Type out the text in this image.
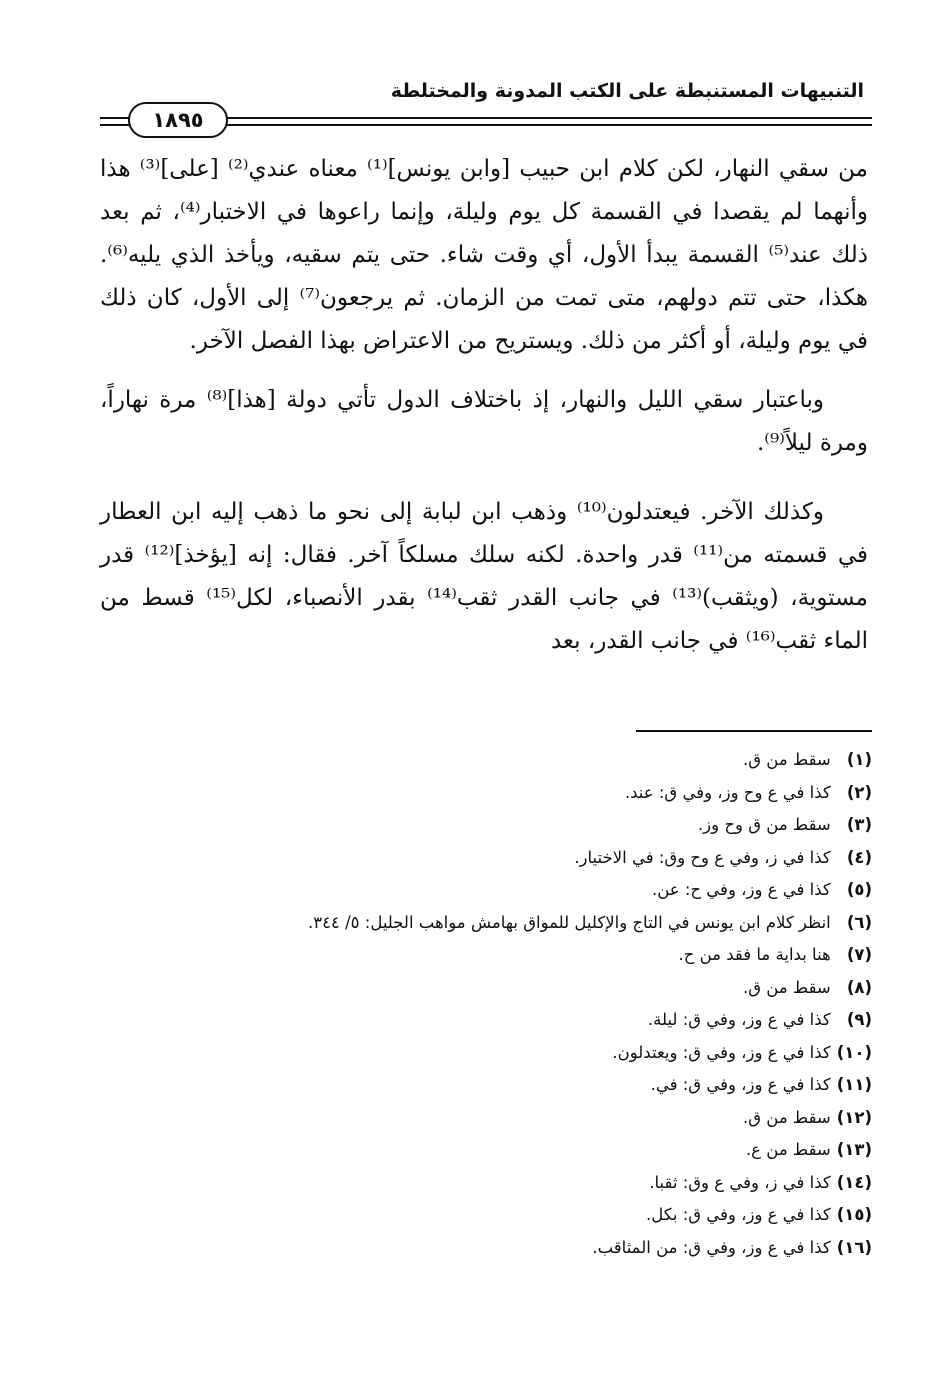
التنبيهات المستنبطة على الكتب المدونة والمختلطة
١٨٩٥

من سقي النهار، لكن كلام ابن حبيب [وابن يونس]⁽¹⁾ معناه عندي⁽²⁾ [على]⁽³⁾ هذا وأنهما لم يقصدا في القسمة كل يوم وليلة، وإنما راعوها في الاختبار⁽⁴⁾، ثم بعد ذلك عند⁽⁵⁾ القسمة يبدأ الأول، أي وقت شاء. حتى يتم سقيه، ويأخذ الذي يليه⁽⁶⁾. هكذا، حتى تتم دولهم، متى تمت من الزمان. ثم يرجعون⁽⁷⁾ إلى الأول، كان ذلك في يوم وليلة، أو أكثر من ذلك. ويستريح من الاعتراض بهذا الفصل الآخر.

وباعتبار سقي الليل والنهار، إذ باختلاف الدول تأتي دولة [هذا]⁽⁸⁾ مرة نهاراً، ومرة ليلاً⁽⁹⁾.

وكذلك الآخر. فيعتدلون⁽¹⁰⁾ وذهب ابن لبابة إلى نحو ما ذهب إليه ابن العطار في قسمته من⁽¹¹⁾ قدر واحدة. لكنه سلك مسلكاً آخر. فقال: إنه [يؤخذ]⁽¹²⁾ قدر مستوية، (ويثقب)⁽¹³⁾ في جانب القدر ثقب⁽¹⁴⁾ بقدر الأنصباء، لكل⁽¹⁵⁾ قسط من الماء ثقب⁽¹⁶⁾ في جانب القدر، بعد

(١) سقط من ق.
(٢) كذا في ع وح وز، وفي ق: عند.
(٣) سقط من ق وح وز.
(٤) كذا في ز، وفي ع وح وق: في الاختيار.
(٥) كذا في ع وز، وفي ح: عن.
(٦) انظر كلام ابن يونس في التاج والإكليل للمواق بهامش مواهب الجليل: ٥/ ٣٤٤.
(٧) هنا بداية ما فقد من ح.
(٨) سقط من ق.
(٩) كذا في ع وز، وفي ق: ليلة.
(١٠) كذا في ع وز، وفي ق: ويعتدلون.
(١١) كذا في ع وز، وفي ق: في.
(١٢) سقط من ق.
(١٣) سقط من ع.
(١٤) كذا في ز، وفي ع وق: ثقبا.
(١٥) كذا في ع وز، وفي ق: بكل.
(١٦) كذا في ع وز، وفي ق: من المثاقب.
